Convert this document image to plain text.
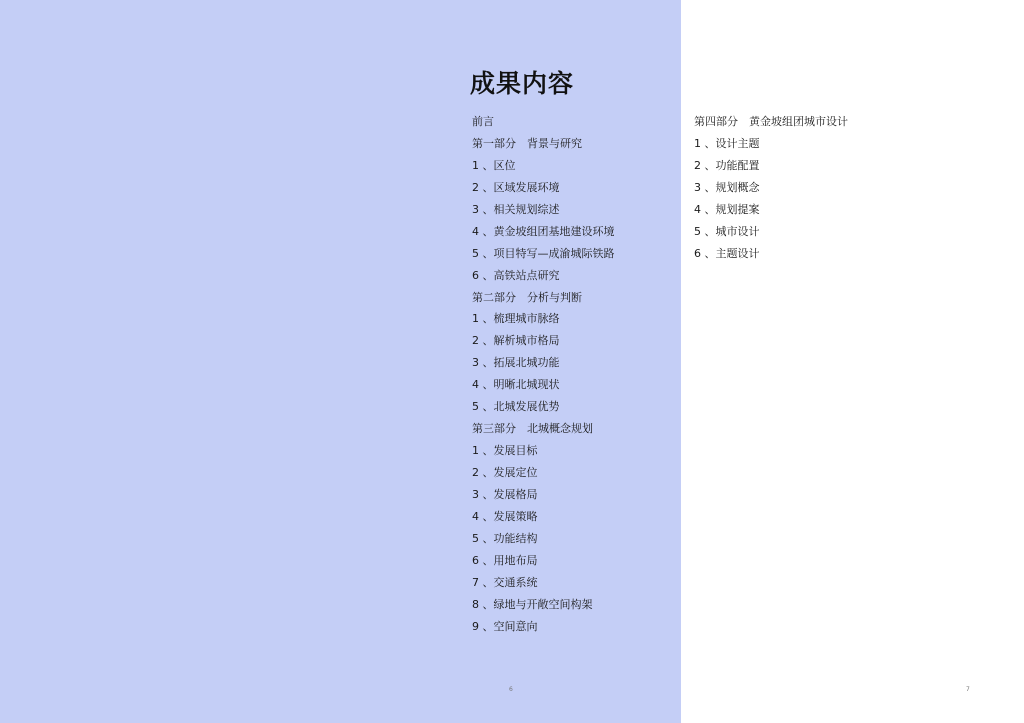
成果内容
前言
第一部分　背景与研究
1 、区位
2 、区域发展环境
3 、相关规划综述
4 、黄金坡组团基地建设环境
5 、项目特写—成渝城际铁路
6 、高铁站点研究
第二部分　分析与判断
1 、梳理城市脉络
2 、解析城市格局
3 、拓展北城功能
4 、明晰北城现状
5 、北城发展优势
第三部分　北城概念规划
1 、发展目标
2 、发展定位
3 、发展格局
4 、发展策略
5 、功能结构
6 、用地布局
7 、交通系统
8 、绿地与开敞空间构架
9 、空间意向
第四部分　黄金坡组团城市设计
1 、设计主题
2 、功能配置
3 、规划概念
4 、规划提案
5 、城市设计
6 、主题设计
6	7
